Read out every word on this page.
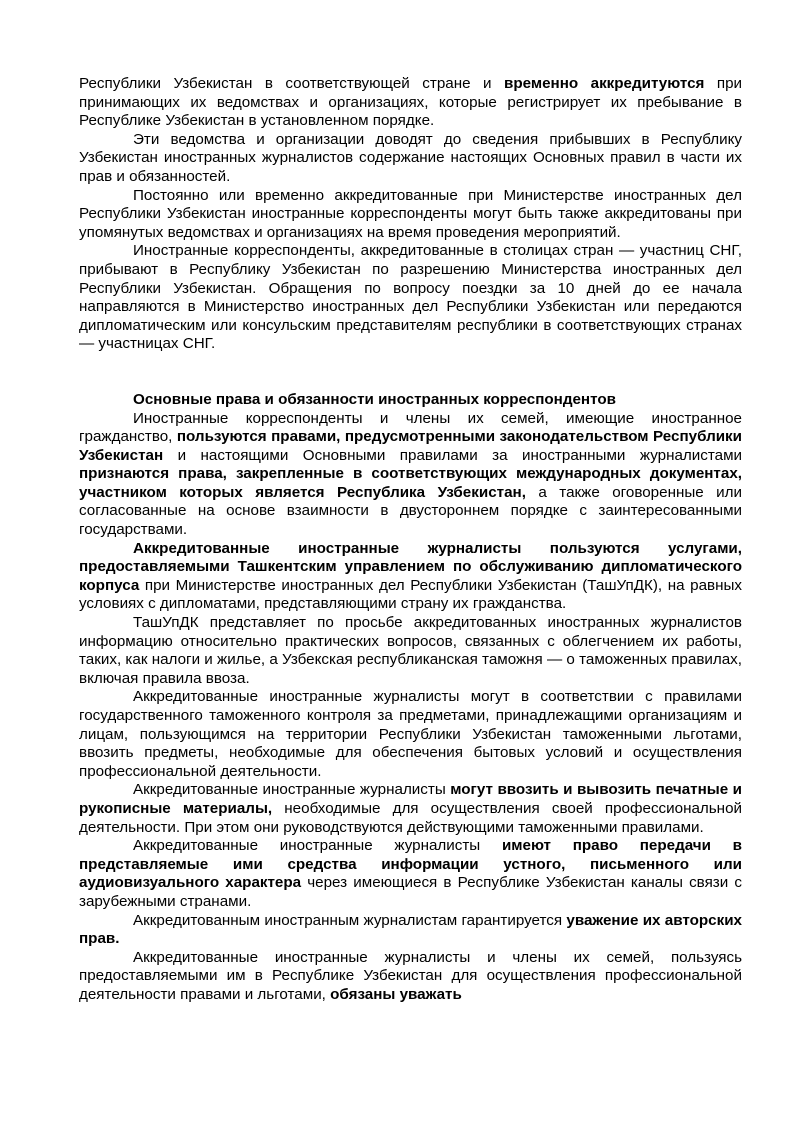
Республики Узбекистан в соответствующей стране и временно аккредитуются при принимающих их ведомствах и организациях, которые регистрирует их пребывание в Республике Узбекистан в установленном порядке.

Эти ведомства и организации доводят до сведения прибывших в Республику Узбекистан иностранных журналистов содержание настоящих Основных правил в части их прав и обязанностей.

Постоянно или временно аккредитованные при Министерстве иностранных дел Республики Узбекистан иностранные корреспонденты могут быть также аккредитованы при упомянутых ведомствах и организациях на время проведения мероприятий.

Иностранные корреспонденты, аккредитованные в столицах стран — участниц СНГ, прибывают в Республику Узбекистан по разрешению Министерства иностранных дел Республики Узбекистан. Обращения по вопросу поездки за 10 дней до ее начала направляются в Министерство иностранных дел Республики Узбекистан или передаются дипломатическим или консульским представителям республики в соответствующих странах — участницах СНГ.

Основные права и обязанности иностранных корреспондентов

Иностранные корреспонденты и члены их семей, имеющие иностранное гражданство, пользуются правами, предусмотренными законодательством Республики Узбекистан и настоящими Основными правилами за иностранными журналистами признаются права, закрепленные в соответствующих международных документах, участником которых является Республика Узбекистан, а также оговоренные или согласованные на основе взаимности в двустороннем порядке с заинтересованными государствами.

Аккредитованные иностранные журналисты пользуются услугами, предоставляемыми Ташкентским управлением по обслуживанию дипломатического корпуса при Министерстве иностранных дел Республики Узбекистан (ТашУпДК), на равных условиях с дипломатами, представляющими страну их гражданства.

ТашУпДК представляет по просьбе аккредитованных иностранных журналистов информацию относительно практических вопросов, связанных с облегчением их работы, таких, как налоги и жилье, а Узбекская республиканская таможня — о таможенных правилах, включая правила ввоза.

Аккредитованные иностранные журналисты могут в соответствии с правилами государственного таможенного контроля за предметами, принадлежащими организациям и лицам, пользующимся на территории Республики Узбекистан таможенными льготами, ввозить предметы, необходимые для обеспечения бытовых условий и осуществления профессиональной деятельности.

Аккредитованные иностранные журналисты могут ввозить и вывозить печатные и рукописные материалы, необходимые для осуществления своей профессиональной деятельности. При этом они руководствуются действующими таможенными правилами.

Аккредитованные иностранные журналисты имеют право передачи в представляемые ими средства информации устного, письменного или аудиовизуального характера через имеющиеся в Республике Узбекистан каналы связи с зарубежными странами.

Аккредитованным иностранным журналистам гарантируется уважение их авторских прав.

Аккредитованные иностранные журналисты и члены их семей, пользуясь предоставляемыми им в Республике Узбекистан для осуществления профессиональной деятельности правами и льготами, обязаны уважать
